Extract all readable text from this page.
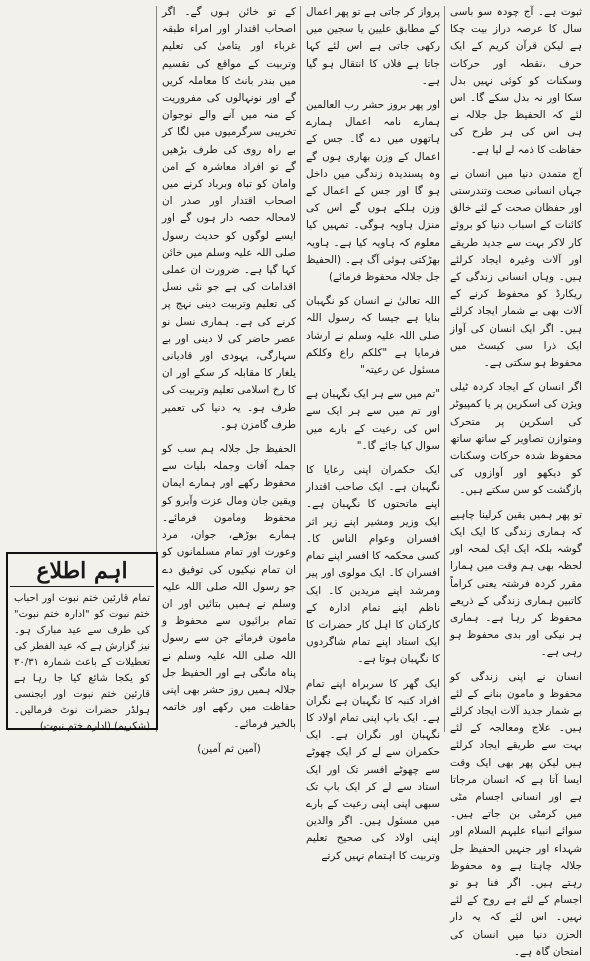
ثبوت ہے۔ آج چودہ سو باسی سال کا عرصہ دراز بیت چکا ہے لیکن قرآن کریم کے ایک حرف ،نقطہ اور حرکات وسکنات کو کوئی نہیں بدل سکا اور نہ بدل سکے گا۔ اس لئے کہ الحفیظ جل جلالہ نے ہی اس کی ہر طرح کی حفاظت کا ذمہ لے لیا ہے۔

آج متمدن دنیا میں انسان نے جہاں انسانی صحت وتندرستی اور حفظان صحت کے لئے خالق کائنات کے اسباب دنیا کو بروئے کار لاکر بہت سے جدید طریقے اور آلات وغیرہ ایجاد کرلئے ہیں۔ وہاں انسانی زندگی کے ریکارڈ کو محفوظ کرنے کے آلات بھی بے شمار ایجاد کرلئے ہیں۔ اگر ایک انسان کی آواز ایک ذرا سی کیسٹ میں محفوظ ہو سکتی ہے۔

اگر انسان کے ایجاد کردہ ٹیلی ویژن کی اسکرین پر یا کمپیوٹر کی اسکرین پر متحرک ومتوازن تصاویر کے ساتھ ساتھ محفوظ شدہ حرکات وسکنات کو دیکھو اور آوازوں کی بازگشت کو سن سکتے ہیں۔

تو پھر ہمیں یقین کرلینا چاہیے کہ ہماری زندگی کا ایک ایک گوشہ بلکہ ایک ایک لمحہ اور لحظہ بھی ہم وقت میں ہمارا مقرر کردہ فرشتہ یعنی کراماً کاتبین ہماری زندگی کے ذریعے محفوظ کر رہا ہے۔ ہماری ہر نیکی اور بدی محفوظ ہو رہی ہے۔

انسان نے اپنی زندگی کو محفوظ و مامون بنانے کے لئے بے شمار جدید آلات ایجاد کرلئے ہیں۔ علاج ومعالجہ کے لئے بہت سے طریقے ایجاد کرلئے ہیں لیکن پھر بھی ایک وقت ایسا آتا ہے کہ انسان مرجاتا ہے اور انسانی اجسام مٹی میں کرمٹی بن جاتے ہیں۔ سوائے انبیاء علیہم السلام اور شہداء اور جنہیں الحفیظ جل جلالہ چاہتا ہے وہ محفوظ رہتے ہیں۔ اگر فنا ہو تو اجسام کے لئے ہے روح کے لئے نہیں۔ اس لئے کہ یہ دار الحزن دنیا میں انسان کی امتحان گاہ ہے۔

پرواز کر جاتی ہے تو پھر اعمال کے مطابق علیین یا سجین میں رکھی جاتی ہے اس لئے کہا جاتا ہے فلاں کا انتقال ہو گیا ہے۔

اور پھر بروز حشر رب العالمین ہمارے نامہ اعمال ہمارے ہاتھوں میں دے گا۔ جس کے اعمال کے وزن بھاری ہوں گے وہ پسندیدہ زندگی میں داخل ہو گا اور جس کے اعمال کے وزن ہلکے ہوں گے اس کی منزل ہاویہ ہوگی۔ تمہیں کیا معلوم کہ ہاویہ کیا ہے۔ ہاویہ بھڑکتی ہوئی آگ ہے۔ (الحفیظ جل جلالہ محفوظ فرمائے)

اللہ تعالیٰ نے انسان کو نگہبان بنایا ہے جیسا کہ رسول اللہ صلی اللہ علیہ وسلم نے ارشاد فرمایا ہے "کلکم راع وکلکم مسئول عن رعیتہ"

"تم میں سے ہر ایک نگہبان ہے اور تم میں سے ہر ایک سے اس کی رعیت کے بارے میں سوال کیا جائے گا۔"

ایک حکمران اپنی رعایا کا نگہبان ہے۔ ایک صاحب اقتدار اپنے ماتحتوں کا نگہبان ہے۔ ایک وزیر ومشیر اپنے زیر اثر افسران وعوام الناس کا۔ کسی محکمہ کا افسر اپنے تمام افسران کا۔ ایک مولوی اور پیر ومرشد اپنے مریدین کا۔ ایک ناظم اپنے تمام ادارہ کے کارکنان کا اہل کار حضرات کا ایک استاد اپنے تمام شاگردوں کا نگہبان ہوتا ہے۔

ایک گھر کا سربراہ اپنے تمام افراد کنبہ کا نگہبان ہے نگران ہے۔ ایک باپ اپنی تمام اولاد کا نگہبان اور نگران ہے۔ ایک حکمران سے لے کر ایک چھوٹے سے چھوٹے افسر تک اور ایک استاد سے لے کر ایک باپ تک سبھی اپنی اپنی رعیت کے بارے میں مسئول ہیں۔ اگر والدین اپنی اولاد کی صحیح تعلیم وتربیت کا اہتمام نہیں کرتے

کے تو خائن ہوں گے۔ اگر اصحاب اقتدار اور امراء طبقہ غرباء اور یتامیٰ کی تعلیم وتربیت کے مواقع کی تقسیم میں بندر بانٹ کا معاملہ کریں گے اور نونہالوں کی مفروریت کے منہ میں آنے والے نوجوان تخریبی سرگرمیوں میں لگا کر بے راہ روی کی طرف بڑھیں گے تو افراد معاشرہ کے امن وامان کو تباہ وبرباد کرنے میں اصحاب اقتدار اور صدر ان لامحالہ حصہ دار ہوں گے اور ایسے لوگوں کو حدیث رسول صلی اللہ علیہ وسلم میں خائن کہا گیا ہے۔ ضرورت ان عملی اقدامات کی ہے جو نئی نسل کی تعلیم وتربیت دینی نہج پر کرنے کی ہے۔ ہماری نسل نو عصر حاضر کی لا دینی اور بے سہارگی، یہودی اور قادیانی یلغار کا مقابلہ کر سکے اور ان کا رخ اسلامی تعلیم وتربیت کی طرف ہو۔ یہ دنیا کی تعمیر طرف گامزن ہو۔

الحفیظ جل جلالہ ہم سب کو جملہ آفات وجملہ بلیات سے محفوظ رکھے اور ہمارے ایمان ویقین جان ومال عزت وآبرو کو محفوظ ومامون فرمائے۔ ہمارے بوڑھے، جوان، مرد وعورت اور تمام مسلمانوں کو ان تمام نیکیوں کی توفیق دے جو رسول اللہ صلی اللہ علیہ وسلم نے ہمیں بتائیں اور ان تمام برائیوں سے محفوظ و مامون فرمائے جن سے رسول اللہ صلی اللہ علیہ وسلم نے پناہ مانگی ہے اور الحفیظ جل جلالہ ہمیں روز حشر بھی اپنی حفاظت میں رکھے اور خاتمہ بالخیر فرمائے۔

(آمین ثم آمین)

اہم اطلاع

تمام قارئین ختم نبوت اور احباب ختم نبوت کو "ادارہ ختم نبوت" کی طرف سے عید مبارک ہو۔ نیز گزارش ہے کہ عید الفطر کی تعطیلات کے باعث شمارہ ۳۰/۳۱ کو یکجا شائع کیا جا رہا ہے قارئین ختم نبوت اور ایجنسی ہولڈر حضرات نوٹ فرمالیں۔ (شکریہ) (ادارہ ختم نبوت)
